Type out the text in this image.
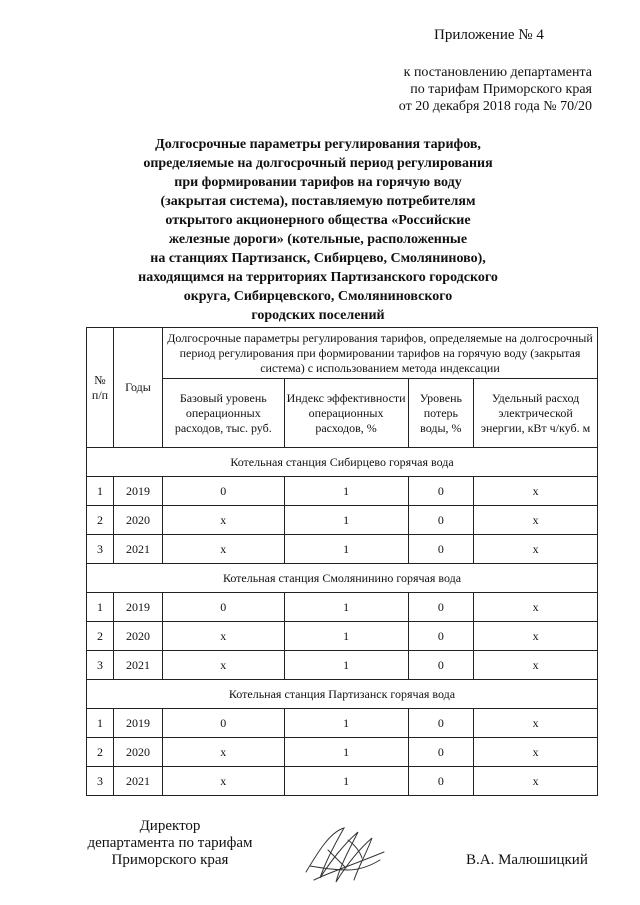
Приложение № 4
к постановлению департамента
по тарифам Приморского края
от 20 декабря 2018 года № 70/20
Долгосрочные параметры регулирования тарифов,
определяемые на долгосрочный период регулирования
при формировании тарифов на горячую воду
(закрытая система), поставляемую потребителям
открытого акционерного общества «Российские
железные дороги» (котельные, расположенные
на станциях Партизанск, Сибирцево, Смоляниново),
находящимся на территориях Партизанского городского
округа, Сибирцевского, Смоляниновского
городских поселений
№ п/п	Годы	Долгосрочные параметры регулирования тарифов, определяемые на долгосрочный период регулирования при формировании тарифов на горячую воду (закрытая система) с использованием метода индексации			
		Базовый уровень операционных расходов, тыс. руб.	Индекс эффективности операционных расходов, %	Уровень потерь воды, %	Удельный расход электрической энергии, кВт ч/куб. м
Котельная станция Сибирцево горячая вода					
1	2019	0	1	0	х
2	2020	х	1	0	х
3	2021	х	1	0	х
Котельная станция Смолянинино горячая вода					
1	2019	0	1	0	х
2	2020	х	1	0	х
3	2021	х	1	0	х
Котельная станция Партизанск горячая вода					
1	2019	0	1	0	х
2	2020	х	1	0	х
3	2021	х	1	0	х
Директор
департамента по тарифам
Приморского края	В.А. Малюшицкий
